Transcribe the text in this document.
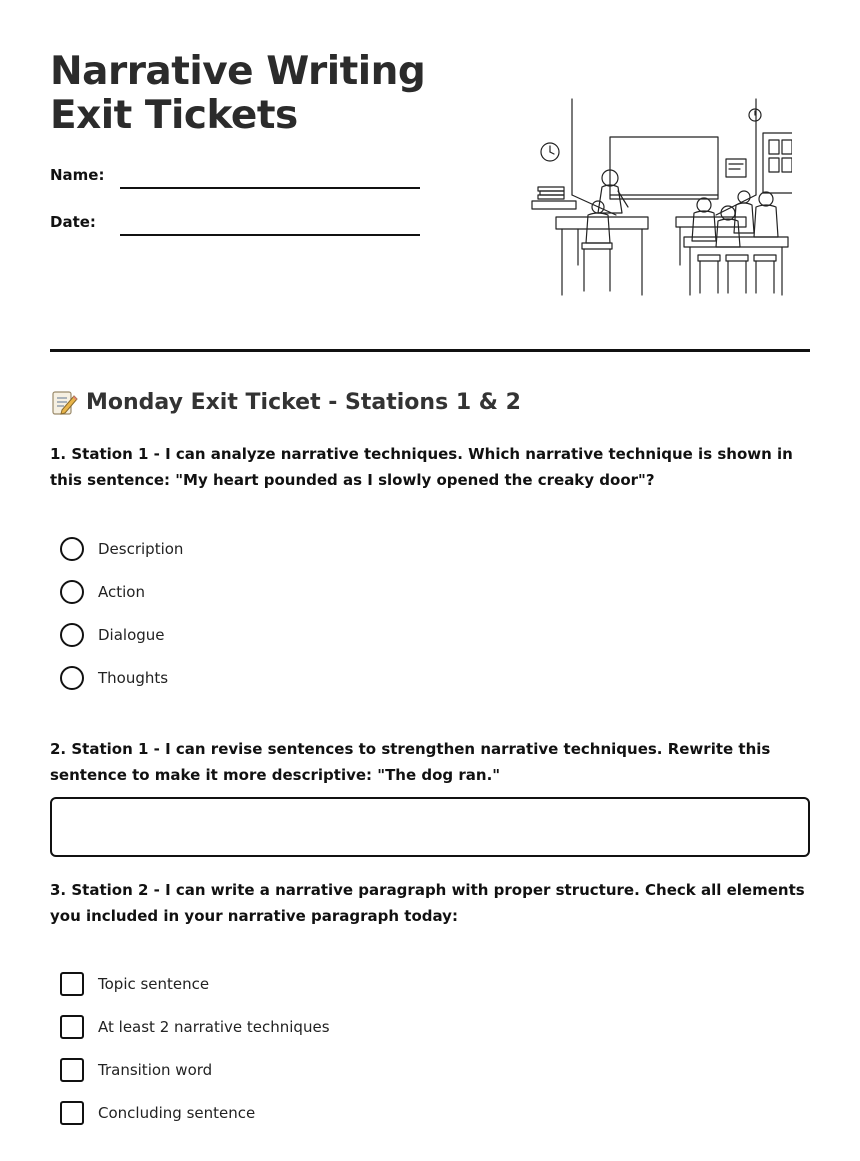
Narrative Writing Exit Tickets
Name:
Date:
Monday Exit Ticket - Stations 1 & 2

1. Station 1 - I can analyze narrative techniques. Which narrative technique is shown in this sentence: "My heart pounded as I slowly opened the creaky door"?

Description
Action
Dialogue
Thoughts

2. Station 1 - I can revise sentences to strengthen narrative techniques. Rewrite this sentence to make it more descriptive: "The dog ran."

3. Station 2 - I can write a narrative paragraph with proper structure. Check all elements you included in your narrative paragraph today:

Topic sentence
At least 2 narrative techniques
Transition word
Concluding sentence
